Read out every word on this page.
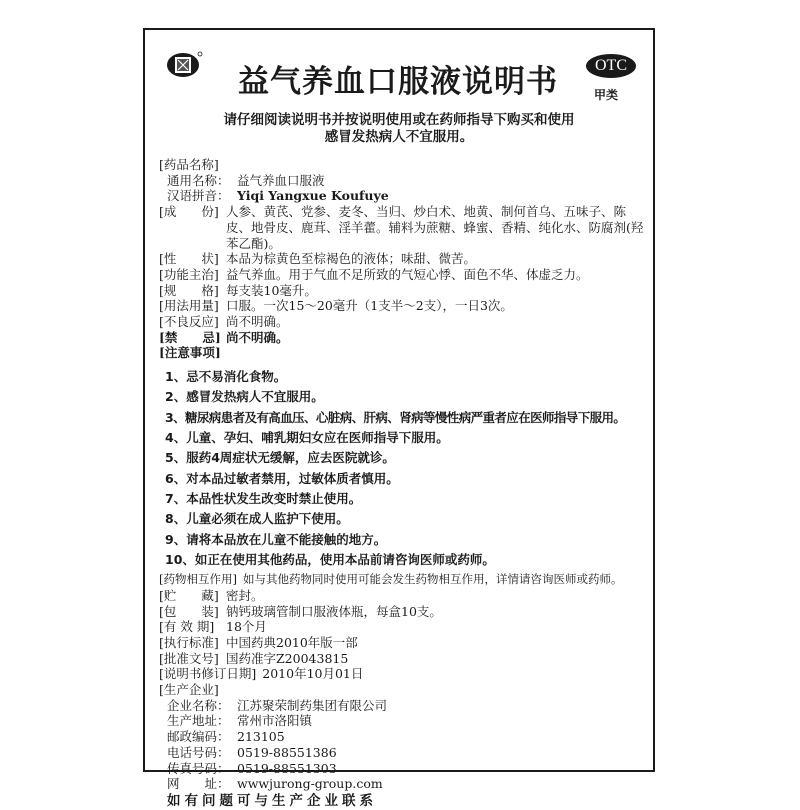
益气养血口服液说明书	OTC
甲类
请仔细阅读说明书并按说明使用或在药师指导下购买和使用
感冒发热病人不宜服用。
[药品名称]
通用名称： 益气养血口服液
汉语拼音： Yiqi Yangxue Koufuye
[成　　份] 人参、黄芪、党参、麦冬、当归、炒白术、地黄、制何首乌、五味子、陈皮、地骨皮、鹿茸、淫羊藿。辅料为蔗糖、蜂蜜、香精、纯化水、防腐剂(羟苯乙酯)。
[性　　状] 本品为棕黄色至棕褐色的液体；味甜、微苦。
[功能主治] 益气养血。用于气血不足所致的气短心悸、面色不华、体虚乏力。
[规　　格] 每支装10毫升。
[用法用量] 口服。一次15～20毫升（1支半～2支），一日3次。
[不良反应] 尚不明确。
[禁　　忌] 尚不明确。
[注意事项]
1、忌不易消化食物。
2、感冒发热病人不宜服用。
3、糖尿病患者及有高血压、心脏病、肝病、肾病等慢性病严重者应在医师指导下服用。
4、儿童、孕妇、哺乳期妇女应在医师指导下服用。
5、服药4周症状无缓解，应去医院就诊。
6、对本品过敏者禁用，过敏体质者慎用。
7、本品性状发生改变时禁止使用。
8、儿童必须在成人监护下使用。
9、请将本品放在儿童不能接触的地方。
10、如正在使用其他药品，使用本品前请咨询医师或药师。
[药物相互作用] 如与其他药物同时使用可能会发生药物相互作用，详情请咨询医师或药师。
[贮　　藏] 密封。
[包　　装] 钠钙玻璃管制口服液体瓶，每盒10支。
[有 效 期] 18个月
[执行标准] 中国药典2010年版一部
[批准文号] 国药准字Z20043815
[说明书修订日期] 2010年10月01日
[生产企业]
企业名称： 江苏聚荣制药集团有限公司
生产地址： 常州市洛阳镇
邮政编码： 213105
电话号码： 0519-88551386
传真号码： 0519-88551303
网　　址： wwwjurong-group.com
如有问题可与生产企业联系
